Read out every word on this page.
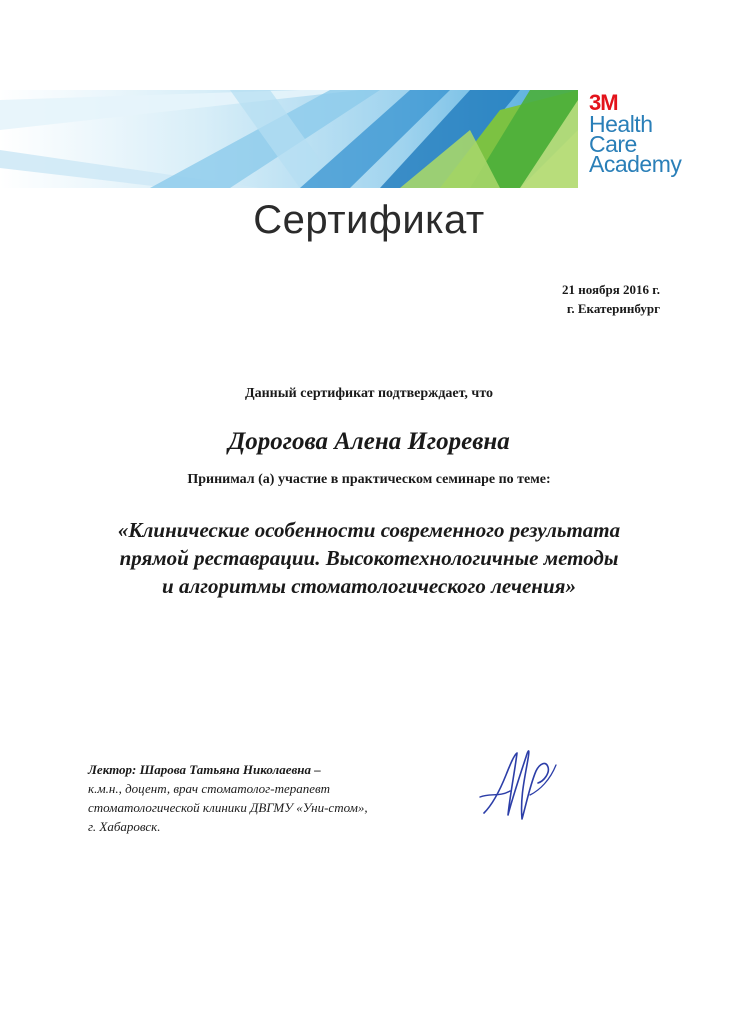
3M
Health
Care
Academy
Сертификат
21 ноября 2016 г.
г. Екатеринбург
Данный сертификат подтверждает, что
Дорогова Алена Игоревна
Принимал (а) участие в практическом семинаре по теме:
«Клинические особенности современного результата
прямой реставрации. Высокотехнологичные методы
и алгоритмы стоматологического лечения»
Лектор: Шарова Татьяна Николаевна –
к.м.н., доцент, врач стоматолог-терапевт
стоматологической клиники ДВГМУ «Уни-стом»,
г. Хабаровск.
